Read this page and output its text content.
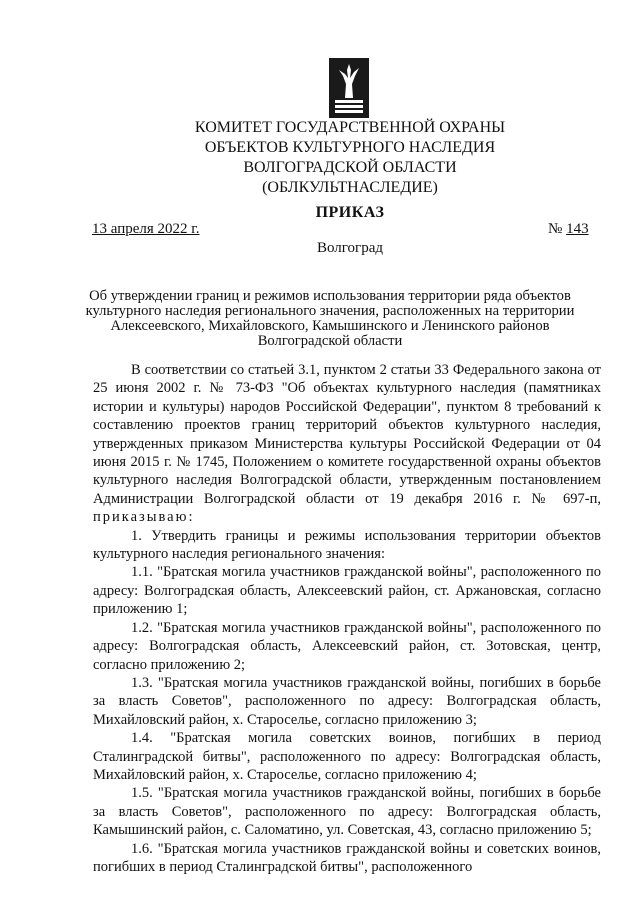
КОМИТЕТ ГОСУДАРСТВЕННОЙ ОХРАНЫ
ОБЪЕКТОВ КУЛЬТУРНОГО НАСЛЕДИЯ
ВОЛГОГРАДСКОЙ ОБЛАСТИ
(ОБЛКУЛЬТНАСЛЕДИЕ)
ПРИКАЗ
13 апреля 2022 г.	№ 143
Волгоград
Об утверждении границ и режимов использования территории ряда объектов
культурного наследия регионального значения, расположенных на территории
Алексеевского, Михайловского, Камышинского и Ленинского районов
Волгоградской области

В соответствии со статьей 3.1, пунктом 2 статьи 33 Федерального закона от 25 июня 2002 г. № 73-ФЗ "Об объектах культурного наследия (памятниках истории и культуры) народов Российской Федерации", пунктом 8 требований к составлению проектов границ территорий объектов культурного наследия, утвержденных приказом Министерства культуры Российской Федерации от 04 июня 2015 г. № 1745, Положением о комитете государственной охраны объектов культурного наследия Волгоградской области, утвержденным постановлением Администрации Волгоградской области от 19 декабря 2016 г. № 697-п, приказываю:

1. Утвердить границы и режимы использования территории объектов культурного наследия регионального значения:

1.1. "Братская могила участников гражданской войны", расположенного по адресу: Волгоградская область, Алексеевский район, ст. Аржановская, согласно приложению 1;

1.2. "Братская могила участников гражданской войны", расположенного по адресу: Волгоградская область, Алексеевский район, ст. Зотовская, центр, согласно приложению 2;

1.3. "Братская могила участников гражданской войны, погибших в борьбе за власть Советов", расположенного по адресу: Волгоградская область, Михайловский район, х. Староселье, согласно приложению 3;

1.4. "Братская могила советских воинов, погибших в период Сталинградской битвы", расположенного по адресу: Волгоградская область, Михайловский район, х. Староселье, согласно приложению 4;

1.5. "Братская могила участников гражданской войны, погибших в борьбе за власть Советов", расположенного по адресу: Волгоградская область, Камышинский район, с. Саломатино, ул. Советская, 43, согласно приложению 5;

1.6. "Братская могила участников гражданской войны и советских воинов, погибших в период Сталинградской битвы", расположенного
